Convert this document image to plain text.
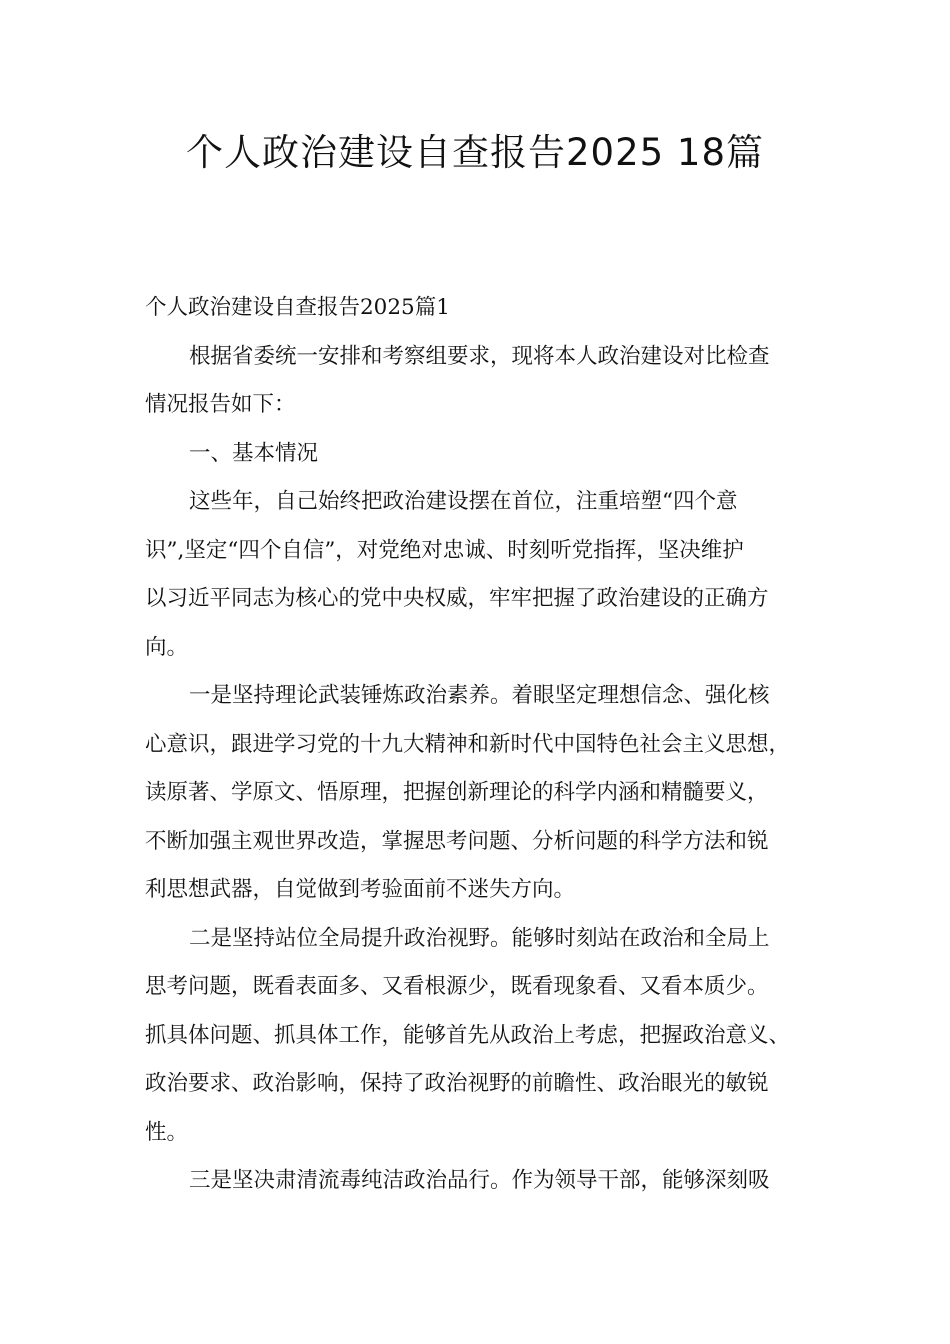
个人政治建设自查报告2025 18篇
个人政治建设自查报告2025篇1
根据省委统一安排和考察组要求，现将本人政治建设对比检查
情况报告如下：
一、基本情况
这些年，自己始终把政治建设摆在首位，注重培塑“四个意
识”,坚定“四个自信”，对党绝对忠诚、时刻听党指挥，坚决维护
以习近平同志为核心的党中央权威，牢牢把握了政治建设的正确方
向。
一是坚持理论武装锤炼政治素养。着眼坚定理想信念、强化核
心意识，跟进学习党的十九大精神和新时代中国特色社会主义思想，
读原著、学原文、悟原理，把握创新理论的科学内涵和精髓要义，
不断加强主观世界改造，掌握思考问题、分析问题的科学方法和锐
利思想武器，自觉做到考验面前不迷失方向。
二是坚持站位全局提升政治视野。能够时刻站在政治和全局上
思考问题，既看表面多、又看根源少，既看现象看、又看本质少。
抓具体问题、抓具体工作，能够首先从政治上考虑，把握政治意义、
政治要求、政治影响，保持了政治视野的前瞻性、政治眼光的敏锐
性。
三是坚决肃清流毒纯洁政治品行。作为领导干部，能够深刻吸
